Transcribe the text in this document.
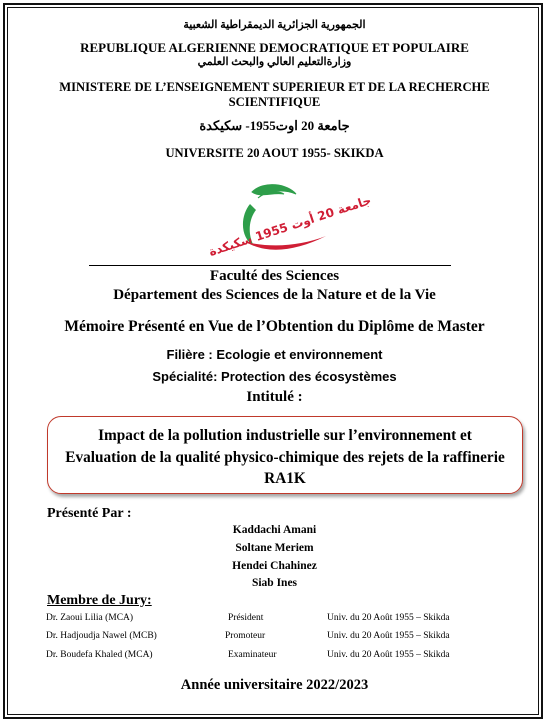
الجمهورية الجزائرية الديمقراطية الشعبية
REPUBLIQUE ALGERIENNE DEMOCRATIQUE ET POPULAIRE
وزارةالتعليم العالي والبحث العلمي
MINISTERE DE L’ENSEIGNEMENT SUPERIEUR ET DE LA RECHERCHE
SCIENTIFIQUE
جامعة 20 اوت1955- سكيكدة
UNIVERSITE 20 AOUT 1955- SKIKDA
جامعة 20 أوت 1955 سكيكدة
Faculté des Sciences
Département des Sciences de la Nature et de la Vie
Mémoire Présenté en Vue de l’Obtention du Diplôme de Master
Filière : Ecologie et environnement
Spécialité: Protection des écosystèmes
Intitulé :
Impact de la pollution industrielle sur l’environnement et
Evaluation de la qualité physico-chimique des rejets de la raffinerie
RA1K
Présenté Par :
Kaddachi Amani
Soltane Meriem
Hendei Chahinez
Siab Ines
Membre de Jury:
Dr. Zaoui Lilia (MCA)	Président	Univ. du 20 Août 1955 – Skikda
Dr. Hadjoudja Nawel (MCB)	Promoteur	Univ. du 20 Août 1955 – Skikda
Dr. Boudefa Khaled (MCA)	Examinateur	Univ. du 20 Août 1955 – Skikda
Année universitaire 2022/2023
